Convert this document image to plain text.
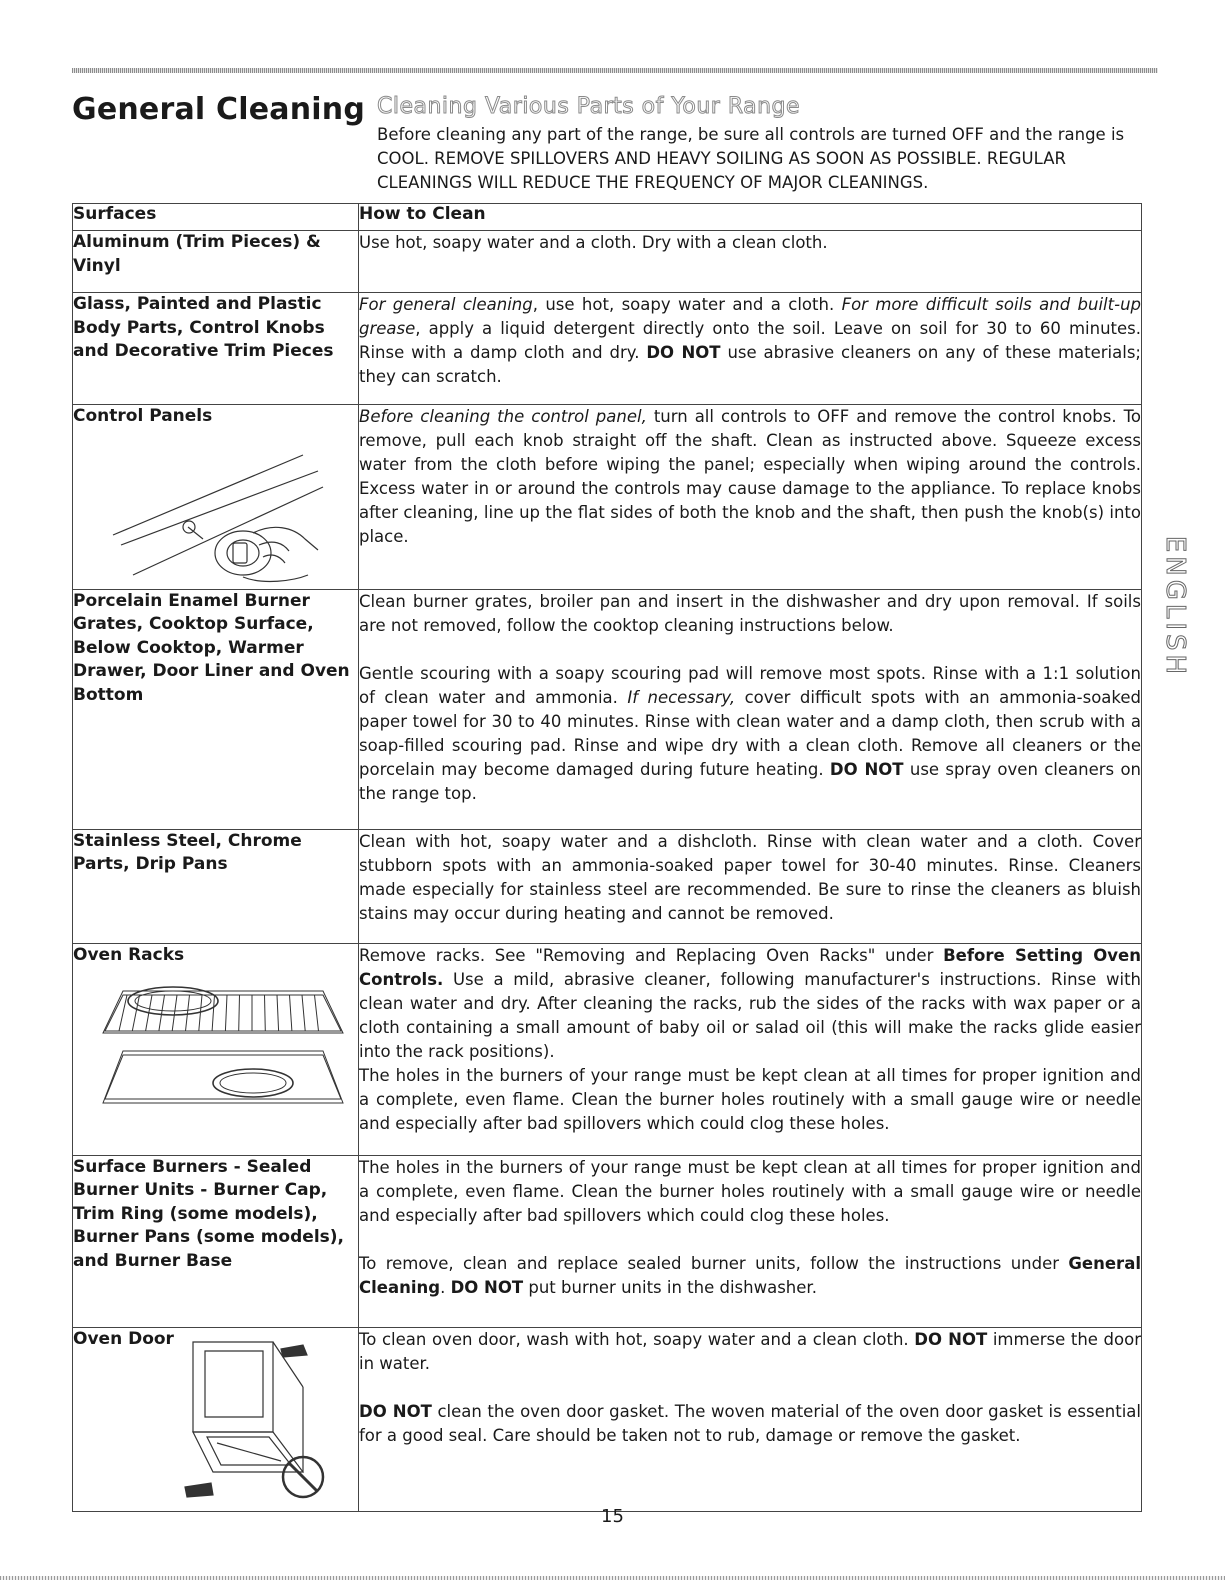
General Cleaning Cleaning Various Parts of Your Range

Before cleaning any part of the range, be sure all controls are turned OFF and the range is COOL. REMOVE SPILLOVERS AND HEAVY SOILING AS SOON AS POSSIBLE. REGULAR CLEANINGS WILL REDUCE THE FREQUENCY OF MAJOR CLEANINGS.

ENGLISH
Surfaces	How to Clean

Aluminum (Trim Pieces) & Vinyl	Use hot, soapy water and a cloth. Dry with a clean cloth.

Glass, Painted and Plastic Body Parts, Control Knobs and Decorative Trim Pieces	For general cleaning, use hot, soapy water and a cloth. For more difficult soils and built-up grease, apply a liquid detergent directly onto the soil. Leave on soil for 30 to 60 minutes. Rinse with a damp cloth and dry. DO NOT use abrasive cleaners on any of these materials; they can scratch.

Control Panels	Before cleaning the control panel, turn all controls to OFF and remove the control knobs. To remove, pull each knob straight off the shaft. Clean as instructed above. Squeeze excess water from the cloth before wiping the panel; especially when wiping around the controls. Excess water in or around the controls may cause damage to the appliance. To replace knobs after cleaning, line up the flat sides of both the knob and the shaft, then push the knob(s) into place.

Porcelain Enamel Burner Grates, Cooktop Surface, Below Cooktop, Warmer Drawer, Door Liner and Oven Bottom	Clean burner grates, broiler pan and insert in the dishwasher and dry upon removal. If soils are not removed, follow the cooktop cleaning instructions below.

Gentle scouring with a soapy scouring pad will remove most spots. Rinse with a 1:1 solution of clean water and ammonia. If necessary, cover difficult spots with an ammonia-soaked paper towel for 30 to 40 minutes. Rinse with clean water and a damp cloth, then scrub with a soap-filled scouring pad. Rinse and wipe dry with a clean cloth. Remove all cleaners or the porcelain may become damaged during future heating. DO NOT use spray oven cleaners on the range top.

Stainless Steel, Chrome Parts, Drip Pans	Clean with hot, soapy water and a dishcloth. Rinse with clean water and a cloth. Cover stubborn spots with an ammonia-soaked paper towel for 30-40 minutes. Rinse. Cleaners made especially for stainless steel are recommended. Be sure to rinse the cleaners as bluish stains may occur during heating and cannot be removed.

Oven Racks	Remove racks. See "Removing and Replacing Oven Racks" under Before Setting Oven Controls. Use a mild, abrasive cleaner, following manufacturer's instructions. Rinse with clean water and dry. After cleaning the racks, rub the sides of the racks with wax paper or a cloth containing a small amount of baby oil or salad oil (this will make the racks glide easier into the rack positions).

The holes in the burners of your range must be kept clean at all times for proper ignition and a complete, even flame. Clean the burner holes routinely with a small gauge wire or needle and especially after bad spillovers which could clog these holes.

Surface Burners - Sealed Burner Units - Burner Cap, Trim Ring (some models), Burner Pans (some models), and Burner Base	The holes in the burners of your range must be kept clean at all times for proper ignition and a complete, even flame. Clean the burner holes routinely with a small gauge wire or needle and especially after bad spillovers which could clog these holes.

To remove, clean and replace sealed burner units, follow the instructions under General Cleaning. DO NOT put burner units in the dishwasher.

Oven Door	To clean oven door, wash with hot, soapy water and a clean cloth. DO NOT immerse the door in water.

DO NOT clean the oven door gasket. The woven material of the oven door gasket is essential for a good seal. Care should be taken not to rub, damage or remove the gasket.

15
